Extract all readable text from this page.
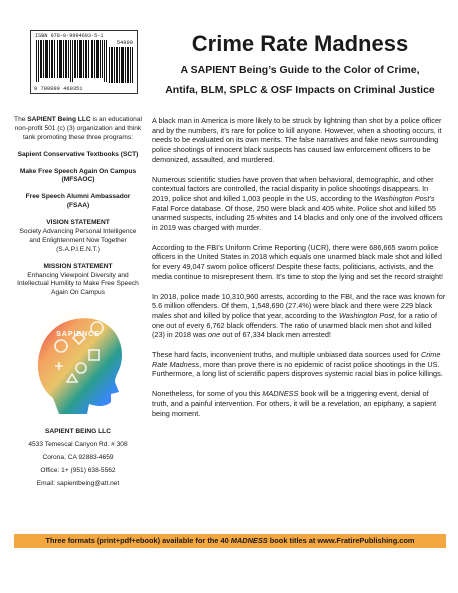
ISBN 978-0-9994603-5-1
54999
9 780999 460351
Crime Rate Madness
A SAPIENT Being’s Guide to the Color of Crime,
Antifa, BLM, SPLC & OSF Impacts on Criminal Justice

The SAPIENT Being LLC is an educational non-profit 501 (c) (3) organization and think tank promoting these three programs:

Sapient Conservative Textbooks (SCT)

Make Free Speech Again On Campus (MFSAOC)

Free Speech Alumni Ambassador (FSAA)

VISION STATEMENT

Society Advancing Personal Intelligence and Enlightenment Now Together (S.A.P.I.E.N.T.)

MISSION STATEMENT

Enhancing Viewpoint Diversity and Intellectual Humility to Make Free Speech Again On Campus

SAPIENCE

SAPIENT BEING LLC

4533 Temescal Canyon Rd. # 308

Corona, CA 92883-4659

Office: 1+ (951) 638-5562

Email: sapientbeing@att.net

A black man in America is more likely to be struck by lightning than shot by a police officer and by the numbers, it’s rare for police to kill anyone. However, when a shooting occurs, it needs to be evaluated on its own merits. The false narratives and fake news surrounding police shootings of innocent black suspects has caused law enforcement officers to be demonized, assaulted, and murdered.

Numerous scientific studies have proven that when behavioral, demographic, and other contextual factors are controlled, the racial disparity in police shootings disappears. In 2019, police shot and killed 1,003 people in the US, according to the Washington Post’s Fatal Force database. Of those, 250 were black and 405 white. Police shot and killed 55 unarmed suspects, including 25 whites and 14 blacks and only one of the involved officers in 2019 was charged with murder.

According to the FBI’s Uniform Crime Reporting (UCR), there were 686,665 sworn police officers in the United States in 2018 which equals one unarmed black male shot and killed for every 49,047 sworn police officers! Despite these facts, politicians, activists, and the media continue to misrepresent them. It’s time to stop the lying and set the record straight!

In 2018, police made 10,310,960 arrests, according to the FBI, and the race was known for 5.6 million offenders. Of them, 1,548,690 (27.4%) were black and there were 229 black males shot and killed by police that year, according to the Washington Post, for a ratio of one out of every 6,762 black offenders. The ratio of unarmed black men shot and killed (23) in 2018 was one out of 67,334 black men arrested!

These hard facts, inconvenient truths, and multiple unbiased data sources used for Crime Rate Madness, more than prove there is no epidemic of racist police shootings in the US. Furthermore, a long list of scientific papers disproves systemic racial bias in police killings.

Nonetheless, for some of you this MADNESS book will be a triggering event, denial of truth, and a painful intervention. For others, it will be a revelation, an epiphany, a sapient being moment.

Three formats (print+pdf+ebook) available for the 40 MADNESS book titles at www.FratirePublishing.com
